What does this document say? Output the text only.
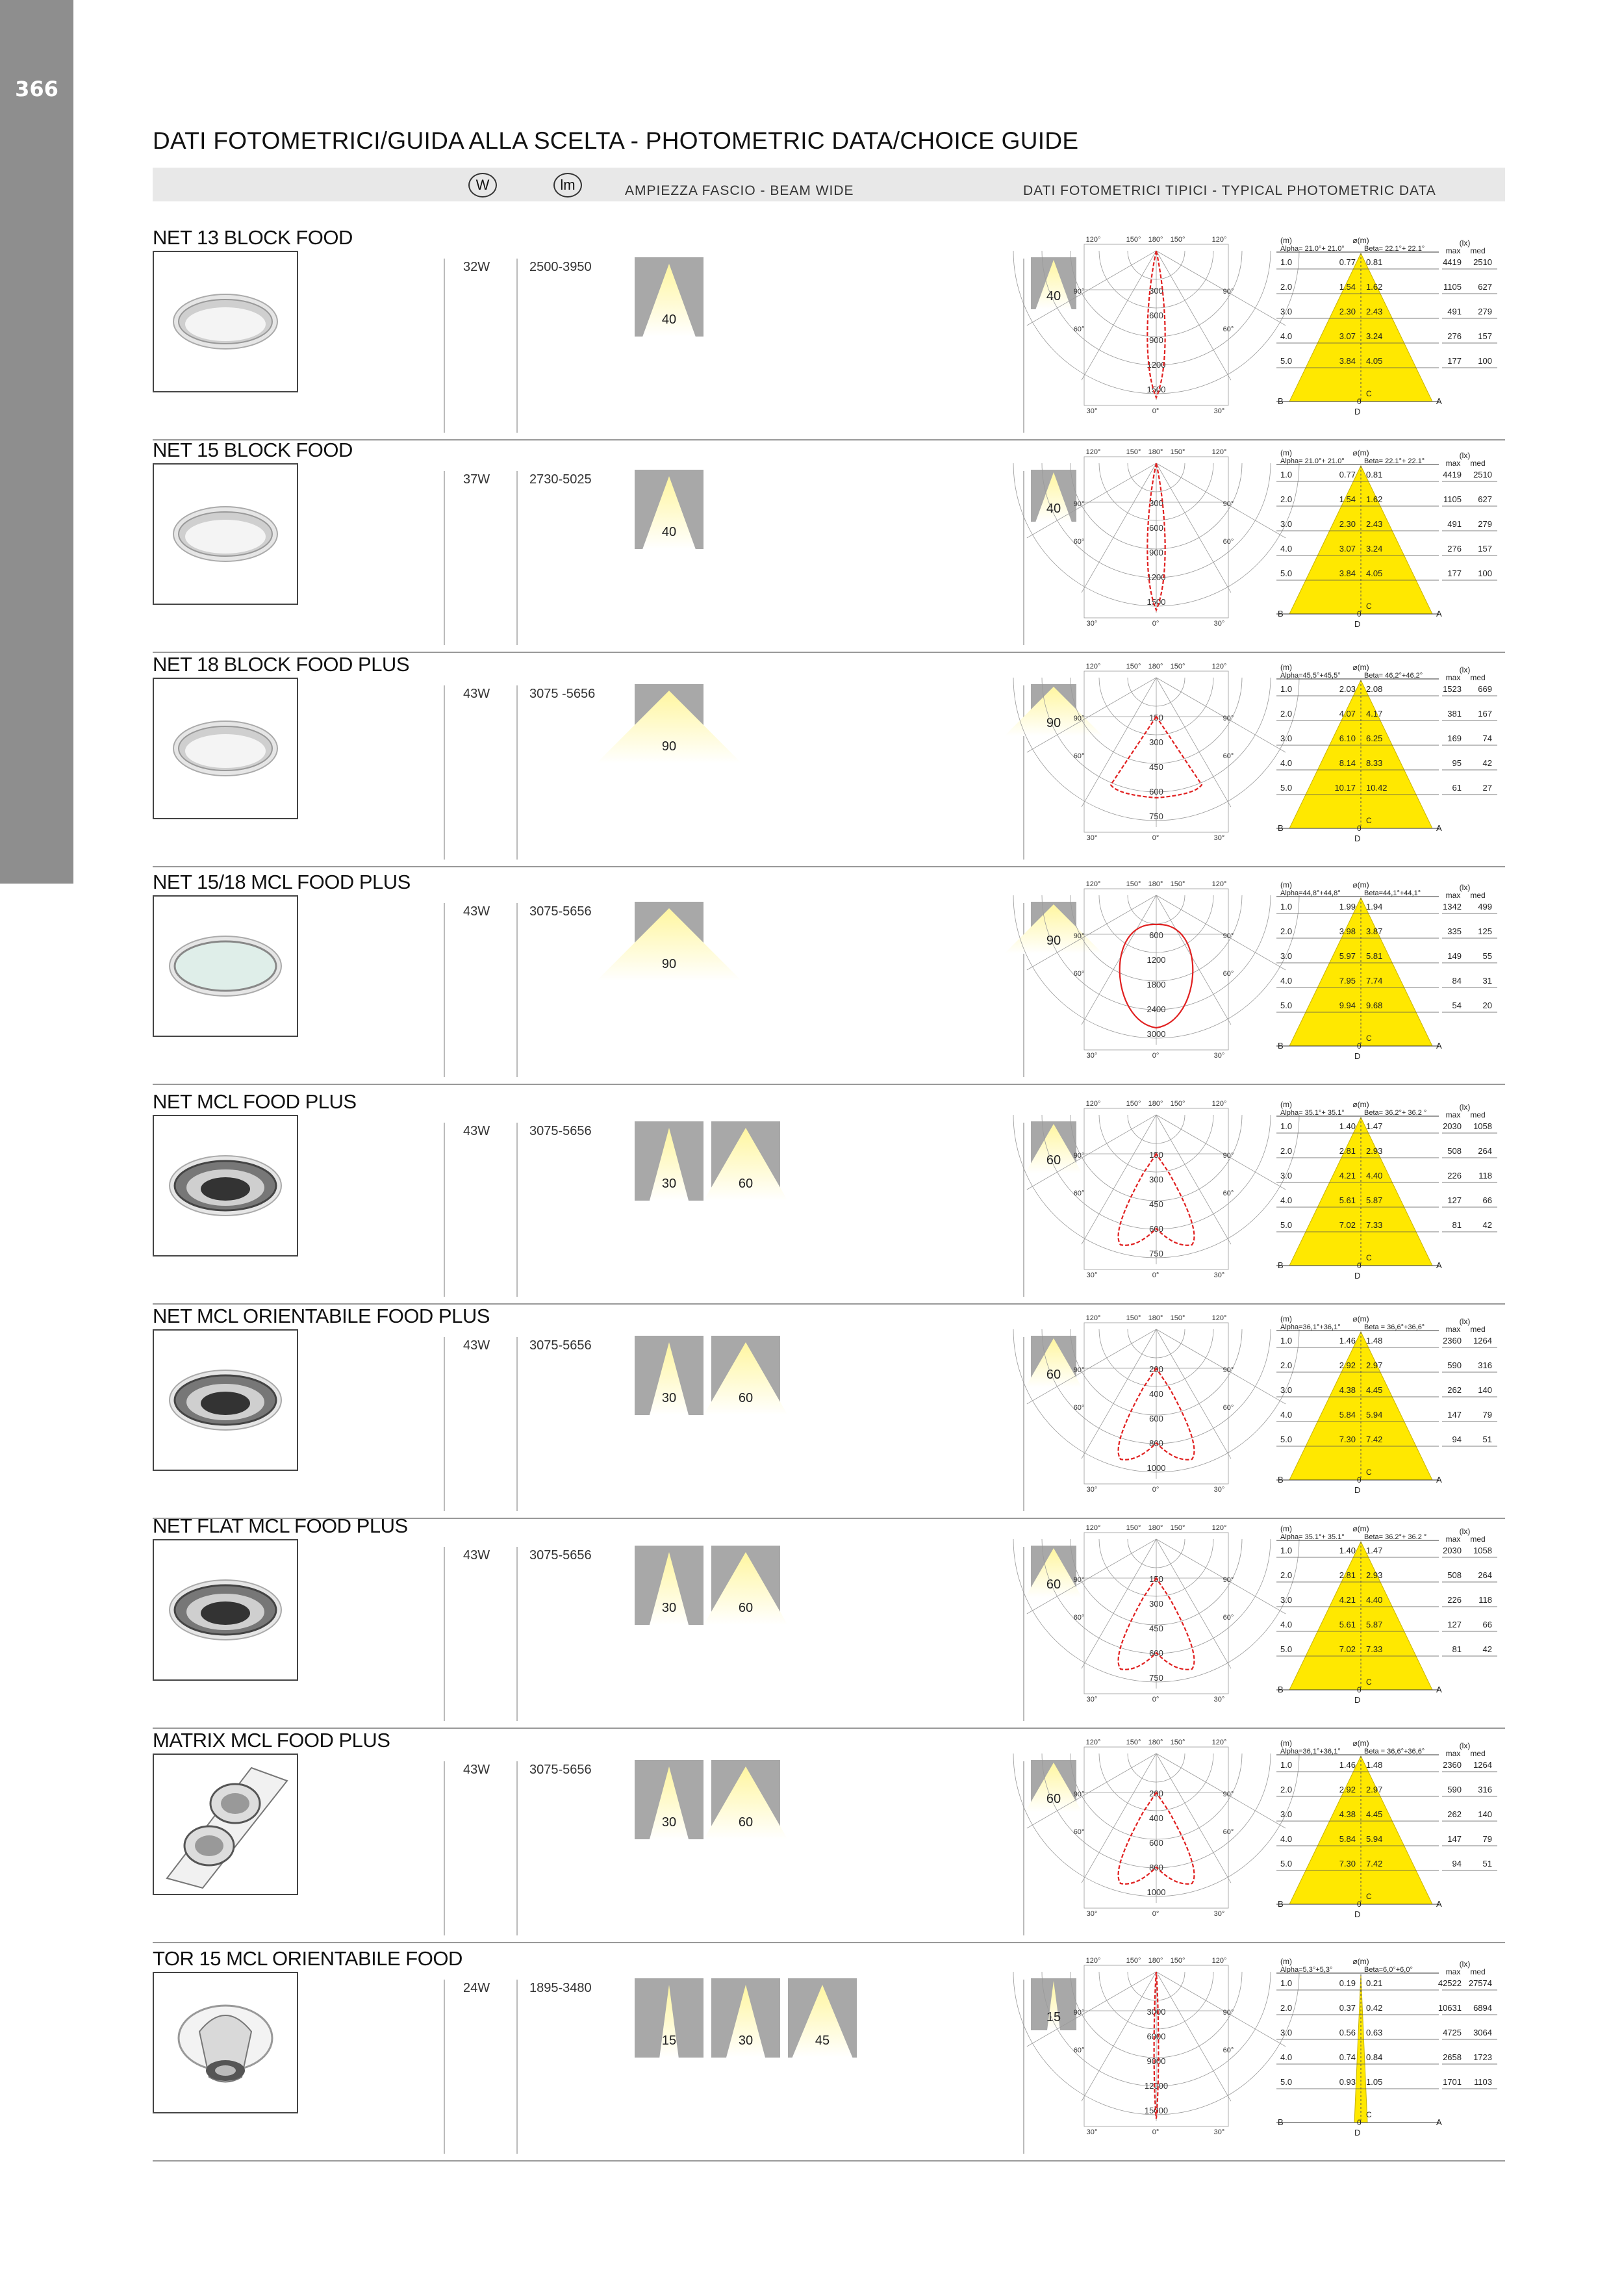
366
DATI FOTOMETRICI/GUIDA ALLA SCELTA - PHOTOMETRIC DATA/CHOICE GUIDE
W	lm	AMPIEZZA FASCIO - BEAM WIDE	DATI FOTOMETRICI TIPICI - TYPICAL PHOTOMETRIC DATA
NET 13 BLOCK FOOD
32W	2500-3950
40
40
120°	150° 180° 150°	120°
90°	90°
60°	60°
30°	0°	30°
300
600
900
1200
1500
(m)	⌀(m)	(lx)
Alpha= 21.0°+ 21.0°	Beta= 22.1°+ 22.1°	max med
1.0	0.77 0.81	4419 2510
2.0	1.54 1.62	1105 627
3.0	2.30 2.43	491 279
4.0	3.07 3.24	276 157
5.0	3.84 4.05	177 100
B	A
C
0
D
NET 15 BLOCK FOOD
37W	2730-5025
40
40
120°	150° 180° 150°	120°
90°	90°
60°	60°
30°	0°	30°
300
600
900
1200
1500
(m)	⌀(m)	(lx)
Alpha= 21.0°+ 21.0°	Beta= 22.1°+ 22.1°	max med
1.0	0.77 0.81	4419 2510
2.0	1.54 1.62	1105 627
3.0	2.30 2.43	491 279
4.0	3.07 3.24	276 157
5.0	3.84 4.05	177 100
B	A
C
0
D
NET 18 BLOCK FOOD PLUS
43W	3075 -5656
90
90
120°	150° 180° 150°	120°
90°	90°
60°	60°
30°	0°	30°
150
300
450
600
750
(m)	⌀(m)	(lx)
Alpha=45,5°+45,5°	Beta= 46,2°+46,2°	max med
1.0	2.03 2.08	1523 669
2.0	4.07 4.17	381 167
3.0	6.10 6.25	169	74
4.0	8.14 8.33	95	42
5.0	10.17 10.42	61	27
B	A
C
0
D
NET 15/18 MCL FOOD PLUS
43W	3075-5656
90
90
120°	150° 180° 150°	120°
90°	90°
60°	60°
30°	0°	30°
600
1200
1800
2400
3000
(m)	⌀(m)	(lx)
Alpha=44,8°+44,8°	Beta=44,1°+44,1°	max med
1.0	1.99 1.94	1342 499
2.0	3.98 3.87	335 125
3.0	5.97 5.81	149	55
4.0	7.95 7.74	84	31
5.0	9.94 9.68	54	20
B	A
C
0
D
NET MCL FOOD PLUS
43W	3075-5656
30	60
60
120°	150° 180° 150°	120°
90°	90°
60°	60°
30°	0°	30°
150
300
450
600
750
(m)	⌀(m)	(lx)
Alpha= 35.1°+ 35.1°	Beta= 36.2°+ 36.2 ° max med
1.0	1.40 1.47	2030 1058
2.0	2.81 2.93	508 264
3.0	4.21 4.40	226 118
4.0	5.61 5.87	127	66
5.0	7.02 7.33	81	42
B	A
C
0
D
NET MCL ORIENTABILE FOOD PLUS
43W	3075-5656
30	60
60
120°	150° 180° 150°	120°
90°	90°
60°	60°
30°	0°	30°
200
400
600
800
1000
(m)	⌀(m)	(lx)
Alpha=36,1°+36,1°	Beta = 36,6°+36,6°	max med
1.0	1.46 1.48	2360 1264
2.0	2.92 2.97	590 316
3.0	4.38 4.45	262 140
4.0	5.84 5.94	147	79
5.0	7.30 7.42	94	51
B	A
C
0
D
NET FLAT MCL FOOD PLUS
43W	3075-5656
30	60
60
120°	150° 180° 150°	120°
90°	90°
60°	60°
30°	0°	30°
150
300
450
600
750
(m)	⌀(m)	(lx)
Alpha= 35.1°+ 35.1°	Beta= 36.2°+ 36.2 ° max med
1.0	1.40 1.47	2030 1058
2.0	2.81 2.93	508 264
3.0	4.21 4.40	226 118
4.0	5.61 5.87	127	66
5.0	7.02 7.33	81	42
B	A
C
0
D
MATRIX MCL FOOD PLUS
43W	3075-5656
30	60
60
120°	150° 180° 150°	120°
90°	90°
60°	60°
30°	0°	30°
200
400
600
800
1000
(m)	⌀(m)	(lx)
Alpha=36,1°+36,1°	Beta = 36,6°+36,6°	max med
1.0	1.46 1.48	2360 1264
2.0	2.92 2.97	590 316
3.0	4.38 4.45	262 140
4.0	5.84 5.94	147	79
5.0	7.30 7.42	94	51
B	A
C
0
D
TOR 15 MCL ORIENTABILE FOOD
24W	1895-3480
15	30	45
15
120°	150° 180° 150°	120°
90°	90°
60°	60°
30°	0°	30°
3000
6000
9000
12000
15000
(m)	⌀(m)	(lx)
Alpha=5,3°+5,3°	Beta=6,0°+6,0°	max med
1.0	0.19 0.21	42522 27574
2.0	0.37 0.42	10631 6894
3.0	0.56 0.63	4725 3064
4.0	0.74 0.84	2658 1723
5.0	0.93 1.05	1701 1103
B	A
C
0
D
